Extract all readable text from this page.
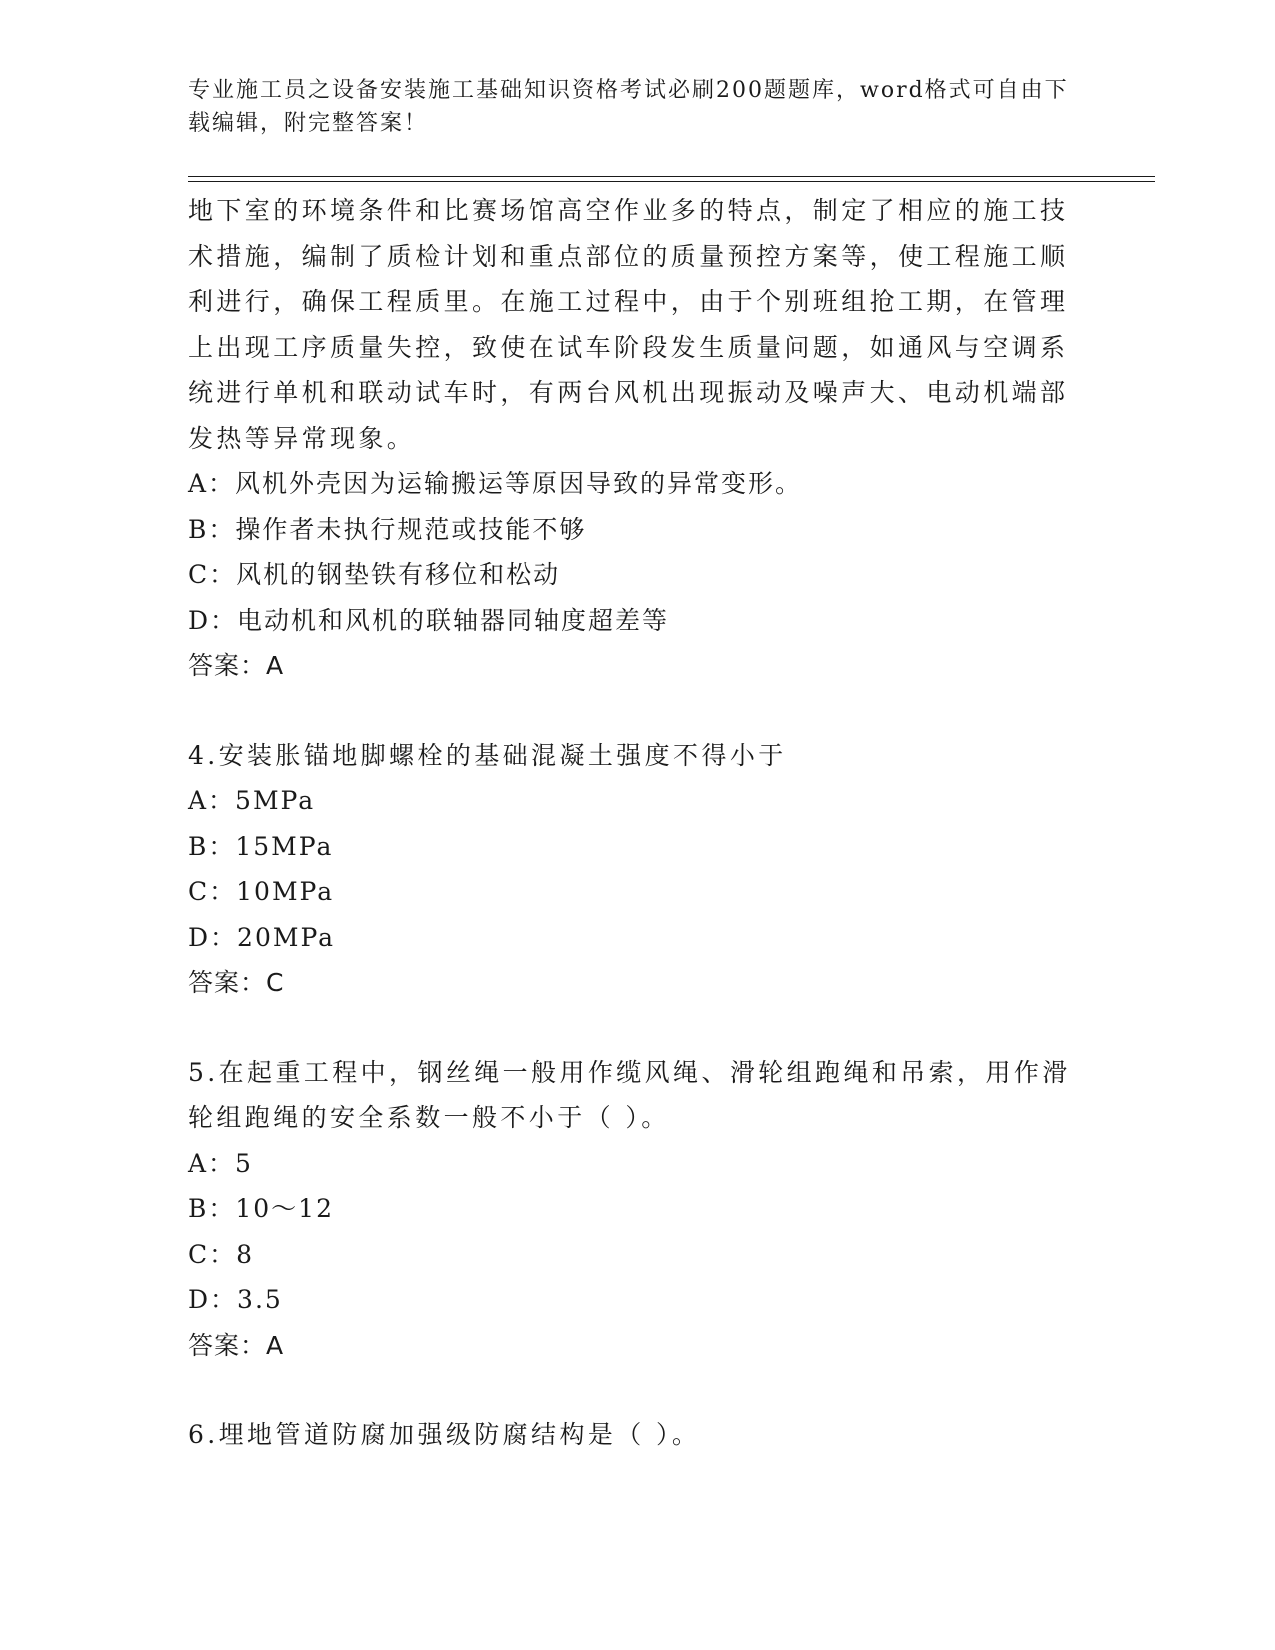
专业施工员之设备安装施工基础知识资格考试必刷200题题库，word格式可自由下载编辑，附完整答案！
地下室的环境条件和比赛场馆高空作业多的特点，制定了相应的施工技术措施，编制了质检计划和重点部位的质量预控方案等，使工程施工顺利进行，确保工程质里。在施工过程中，由于个别班组抢工期，在管理上出现工序质量失控，致使在试车阶段发生质量问题，如通风与空调系统进行单机和联动试车时，有两台风机出现振动及噪声大、电动机端部发热等异常现象。
A：风机外壳因为运输搬运等原因导致的异常变形。
B：操作者未执行规范或技能不够
C：风机的钢垫铁有移位和松动
D：电动机和风机的联轴器同轴度超差等
答案：A
4.安装胀锚地脚螺栓的基础混凝土强度不得小于
A：5MPa
B：15MPa
C：10MPa
D：20MPa
答案：C
5.在起重工程中，钢丝绳一般用作缆风绳、滑轮组跑绳和吊索，用作滑轮组跑绳的安全系数一般不小于（ ）。
A：5
B：10～12
C：8
D：3.5
答案：A
6.埋地管道防腐加强级防腐结构是（ ）。
